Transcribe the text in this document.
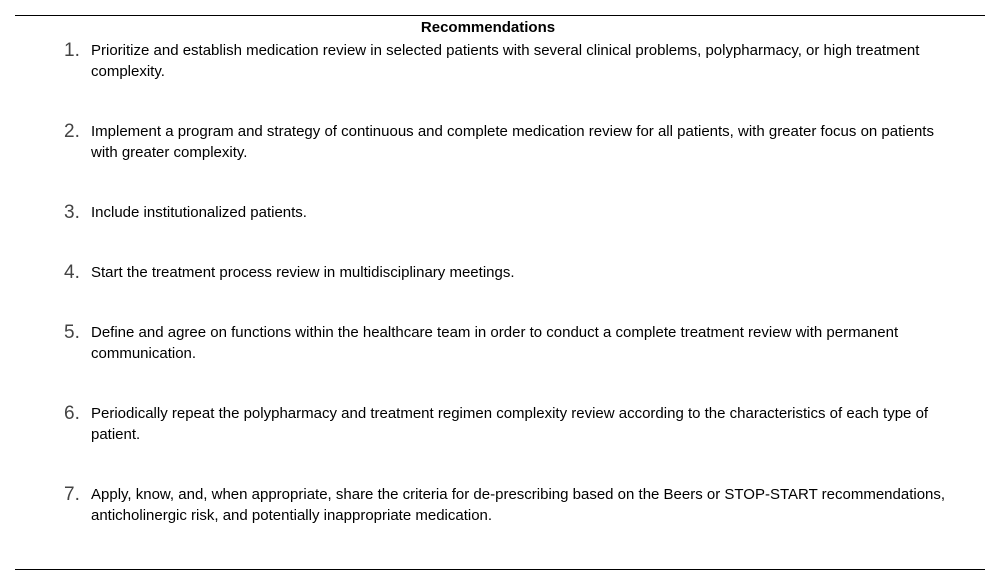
Recommendations
1. Prioritize and establish medication review in selected patients with several clinical problems, polypharmacy, or high treatment complexity.
2. Implement a program and strategy of continuous and complete medication review for all patients, with greater focus on patients with greater complexity.
3. Include institutionalized patients.
4. Start the treatment process review in multidisciplinary meetings.
5. Define and agree on functions within the healthcare team in order to conduct a complete treatment review with permanent communication.
6. Periodically repeat the polypharmacy and treatment regimen complexity review according to the characteristics of each type of patient.
7. Apply, know, and, when appropriate, share the criteria for de-prescribing based on the Beers or STOP-START recommendations, anticholinergic risk, and potentially inappropriate medication.
